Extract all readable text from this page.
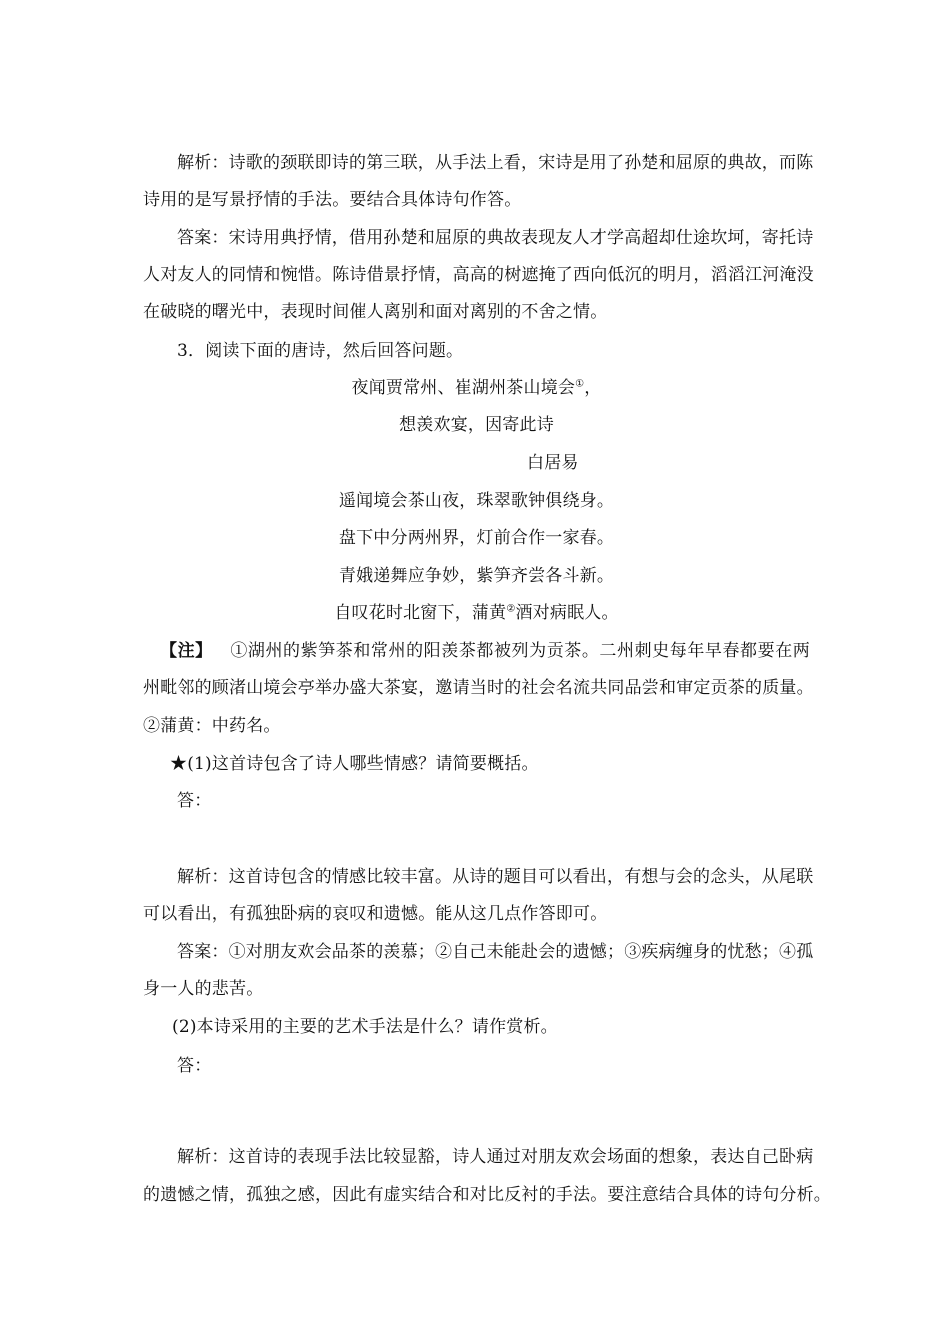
解析：诗歌的颈联即诗的第三联，从手法上看，宋诗是用了孙楚和屈原的典故，而陈
诗用的是写景抒情的手法。要结合具体诗句作答。
答案：宋诗用典抒情，借用孙楚和屈原的典故表现友人才学高超却仕途坎坷，寄托诗
人对友人的同情和惋惜。陈诗借景抒情，高高的树遮掩了西向低沉的明月，滔滔江河淹没
在破晓的曙光中，表现时间催人离别和面对离别的不舍之情。
3．阅读下面的唐诗，然后回答问题。
夜闻贾常州、崔湖州茶山境会①，
想羡欢宴，因寄此诗
白居易
遥闻境会茶山夜，珠翠歌钟俱绕身。
盘下中分两州界，灯前合作一家春。
青娥递舞应争妙，紫笋齐尝各斗新。
自叹花时北窗下，蒲黄②酒对病眠人。
【注】  ①湖州的紫笋茶和常州的阳羡茶都被列为贡茶。二州刺史每年早春都要在两
州毗邻的顾渚山境会亭举办盛大茶宴，邀请当时的社会名流共同品尝和审定贡茶的质量。
②蒲黄：中药名。
★(1)这首诗包含了诗人哪些情感？请简要概括。
答：
解析：这首诗包含的情感比较丰富。从诗的题目可以看出，有想与会的念头，从尾联
可以看出，有孤独卧病的哀叹和遗憾。能从这几点作答即可。
答案：①对朋友欢会品茶的羡慕；②自己未能赴会的遗憾；③疾病缠身的忧愁；④孤
身一人的悲苦。
(2)本诗采用的主要的艺术手法是什么？请作赏析。
答：
解析：这首诗的表现手法比较显豁，诗人通过对朋友欢会场面的想象，表达自己卧病
的遗憾之情，孤独之感，因此有虚实结合和对比反衬的手法。要注意结合具体的诗句分析。
